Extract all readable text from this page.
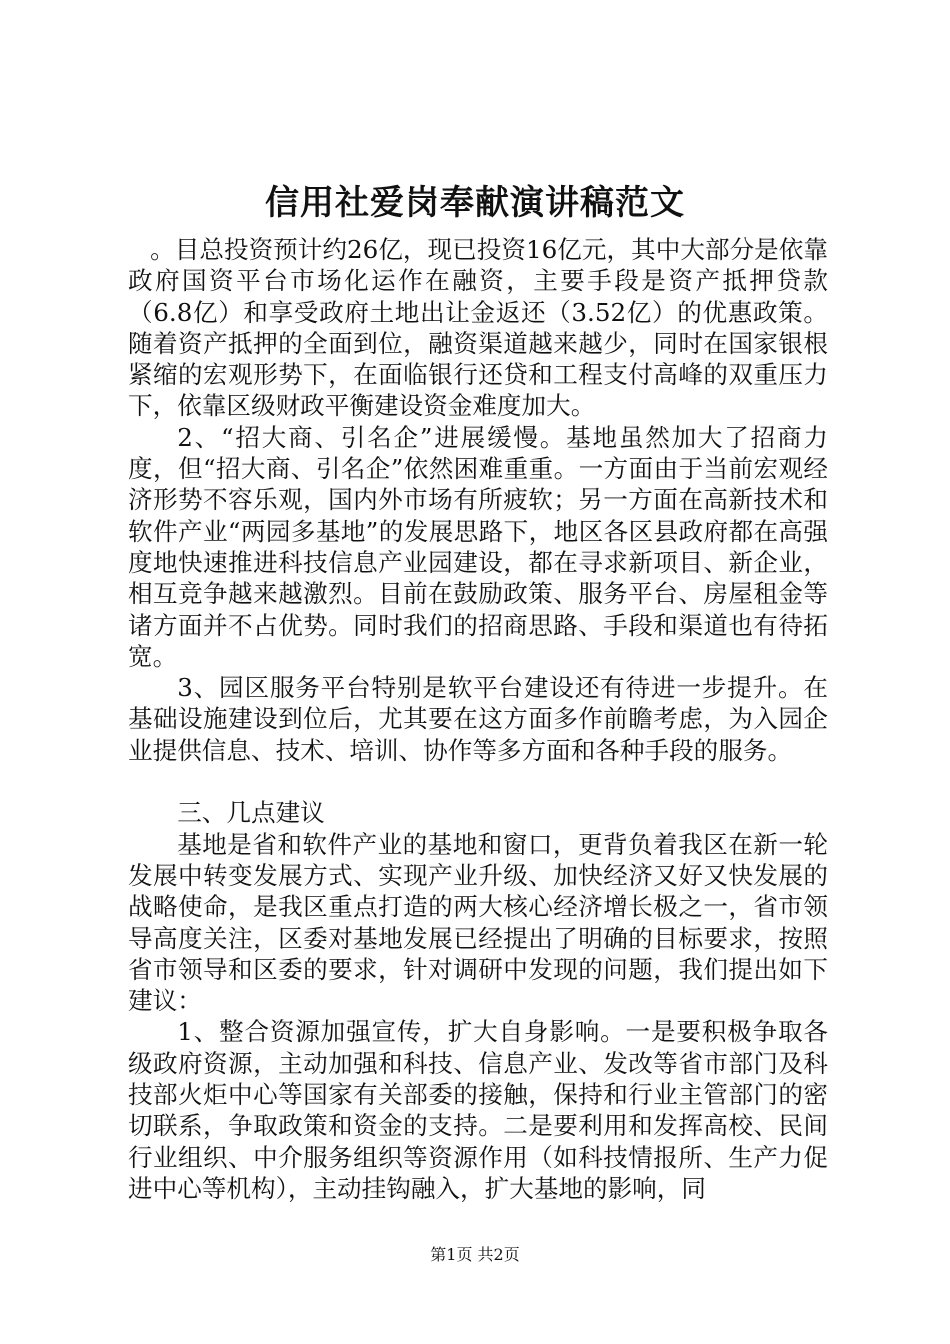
信用社爱岗奉献演讲稿范文

。目总投资预计约26亿，现已投资16亿元，其中大部分是依靠政府国资平台市场化运作在融资，主要手段是资产抵押贷款（6.8亿）和享受政府土地出让金返还（3.52亿）的优惠政策。随着资产抵押的全面到位，融资渠道越来越少，同时在国家银根紧缩的宏观形势下，在面临银行还贷和工程支付高峰的双重压力下，依靠区级财政平衡建设资金难度加大。

2、“招大商、引名企”进展缓慢。基地虽然加大了招商力度，但“招大商、引名企”依然困难重重。一方面由于当前宏观经济形势不容乐观，国内外市场有所疲软；另一方面在高新技术和软件产业“两园多基地”的发展思路下，地区各区县政府都在高强度地快速推进科技信息产业园建设，都在寻求新项目、新企业，相互竞争越来越激烈。目前在鼓励政策、服务平台、房屋租金等诸方面并不占优势。同时我们的招商思路、手段和渠道也有待拓宽。

3、园区服务平台特别是软平台建设还有待进一步提升。在基础设施建设到位后，尤其要在这方面多作前瞻考虑，为入园企业提供信息、技术、培训、协作等多方面和各种手段的服务。

三、几点建议

基地是省和软件产业的基地和窗口，更背负着我区在新一轮发展中转变发展方式、实现产业升级、加快经济又好又快发展的战略使命，是我区重点打造的两大核心经济增长极之一，省市领导高度关注，区委对基地发展已经提出了明确的目标要求，按照省市领导和区委的要求，针对调研中发现的问题，我们提出如下建议：

1、整合资源加强宣传，扩大自身影响。一是要积极争取各级政府资源，主动加强和科技、信息产业、发改等省市部门及科技部火炬中心等国家有关部委的接触，保持和行业主管部门的密切联系，争取政策和资金的支持。二是要利用和发挥高校、民间行业组织、中介服务组织等资源作用（如科技情报所、生产力促进中心等机构），主动挂钩融入，扩大基地的影响，同

第1页 共2页
